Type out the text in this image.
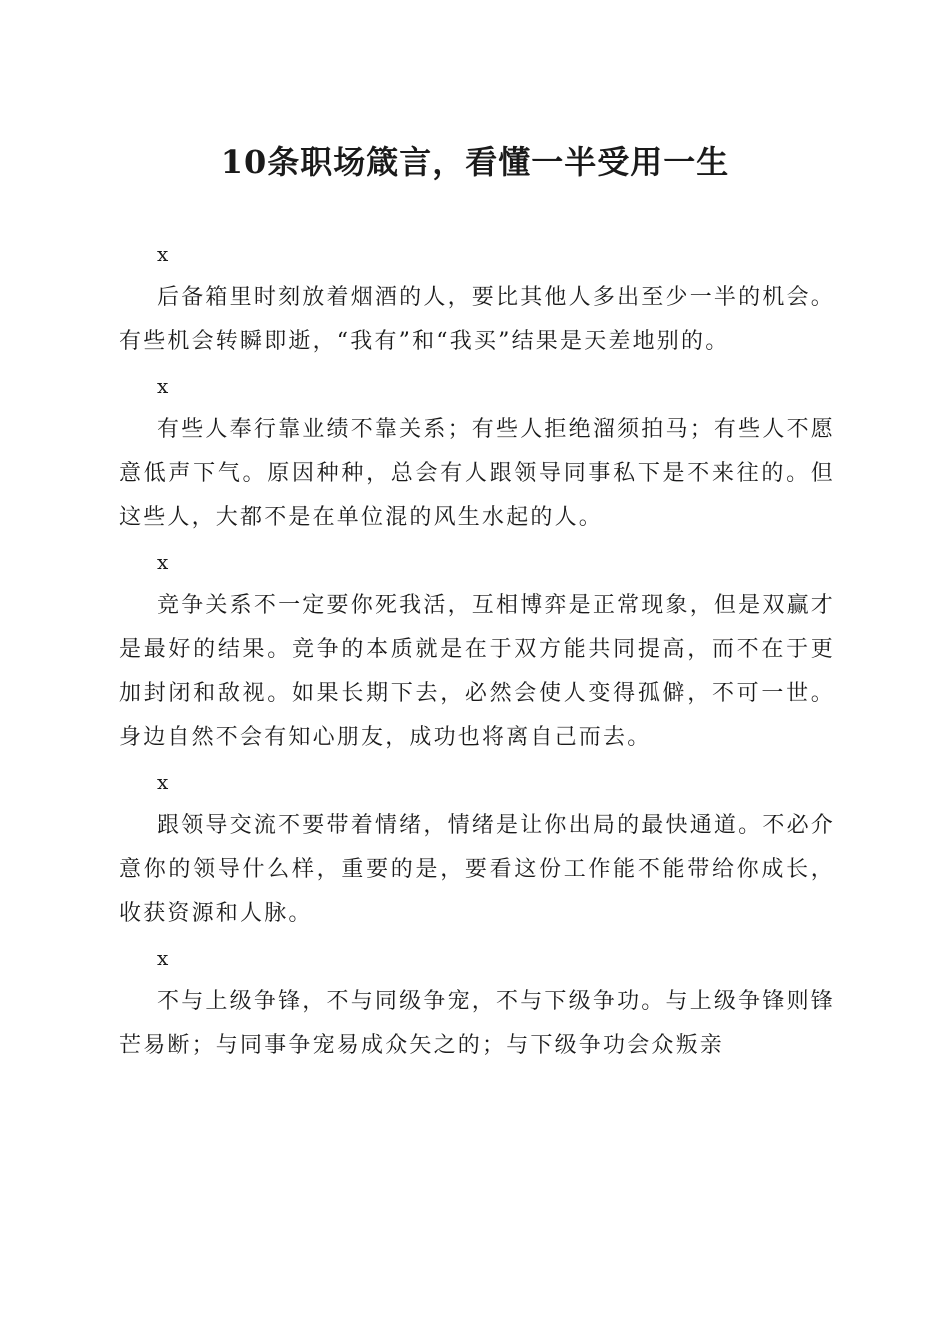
10条职场箴言，看懂一半受用一生

x

后备箱里时刻放着烟酒的人，要比其他人多出至少一半的机会。有些机会转瞬即逝，“我有”和“我买”结果是天差地别的。

x

有些人奉行靠业绩不靠关系；有些人拒绝溜须拍马；有些人不愿意低声下气。原因种种，总会有人跟领导同事私下是不来往的。但这些人，大都不是在单位混的风生水起的人。

x

竞争关系不一定要你死我活，互相博弈是正常现象，但是双赢才是最好的结果。竞争的本质就是在于双方能共同提高，而不在于更加封闭和敌视。如果长期下去，必然会使人变得孤僻，不可一世。身边自然不会有知心朋友，成功也将离自己而去。

x

跟领导交流不要带着情绪，情绪是让你出局的最快通道。不必介意你的领导什么样，重要的是，要看这份工作能不能带给你成长，收获资源和人脉。

x

不与上级争锋，不与同级争宠，不与下级争功。与上级争锋则锋芒易断；与同事争宠易成众矢之的；与下级争功会众叛亲
